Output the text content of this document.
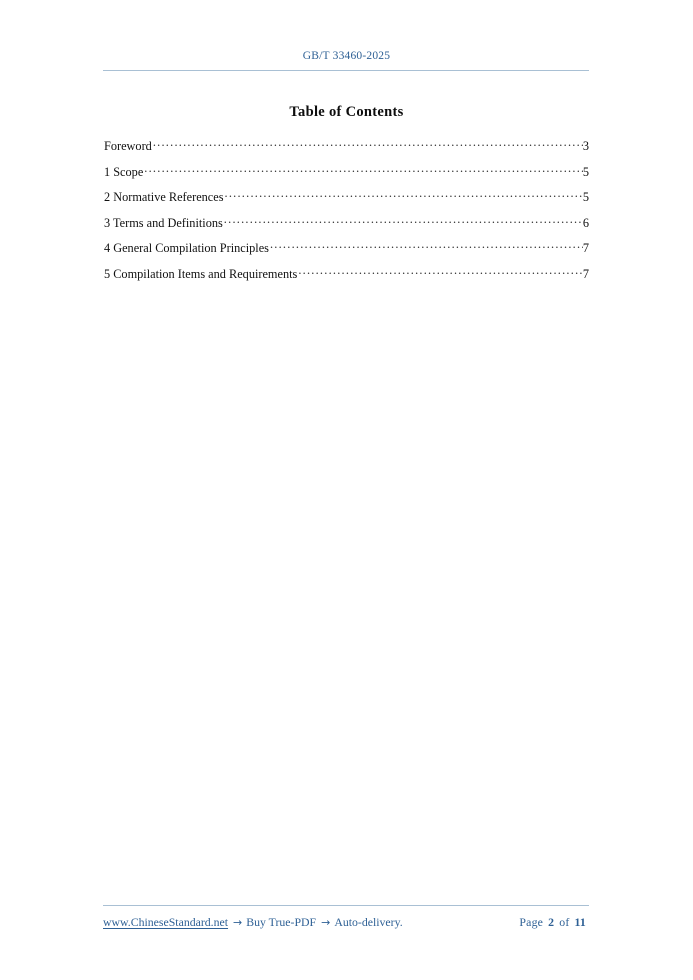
GB/T 33460-2025
Table of Contents
Foreword .....	3
1 Scope .....	5
2 Normative References .....	5
3 Terms and Definitions .....	6
4 General Compilation Principles .....	7
5 Compilation Items and Requirements .....	7
www.ChineseStandard.net → Buy True-PDF → Auto-delivery.	Page 2 of 11
